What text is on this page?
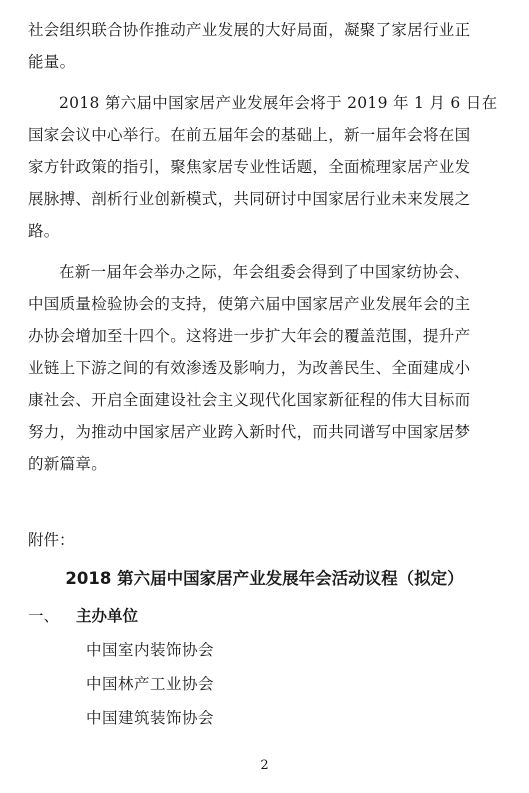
社会组织联合协作推动产业发展的大好局面，凝聚了家居行业正
能量。
2018 第六届中国家居产业发展年会将于 2019 年 1 月 6 日在
国家会议中心举行。在前五届年会的基础上，新一届年会将在国
家方针政策的指引，聚焦家居专业性话题，全面梳理家居产业发
展脉搏、剖析行业创新模式，共同研讨中国家居行业未来发展之
路。
在新一届年会举办之际，年会组委会得到了中国家纺协会、
中国质量检验协会的支持，使第六届中国家居产业发展年会的主
办协会增加至十四个。这将进一步扩大年会的覆盖范围，提升产
业链上下游之间的有效渗透及影响力，为改善民生、全面建成小
康社会、开启全面建设社会主义现代化国家新征程的伟大目标而
努力，为推动中国家居产业跨入新时代，而共同谱写中国家居梦
的新篇章。
附件：
2018 第六届中国家居产业发展年会活动议程（拟定）
一、 主办单位
中国室内装饰协会
中国林产工业协会
中国建筑装饰协会
2
